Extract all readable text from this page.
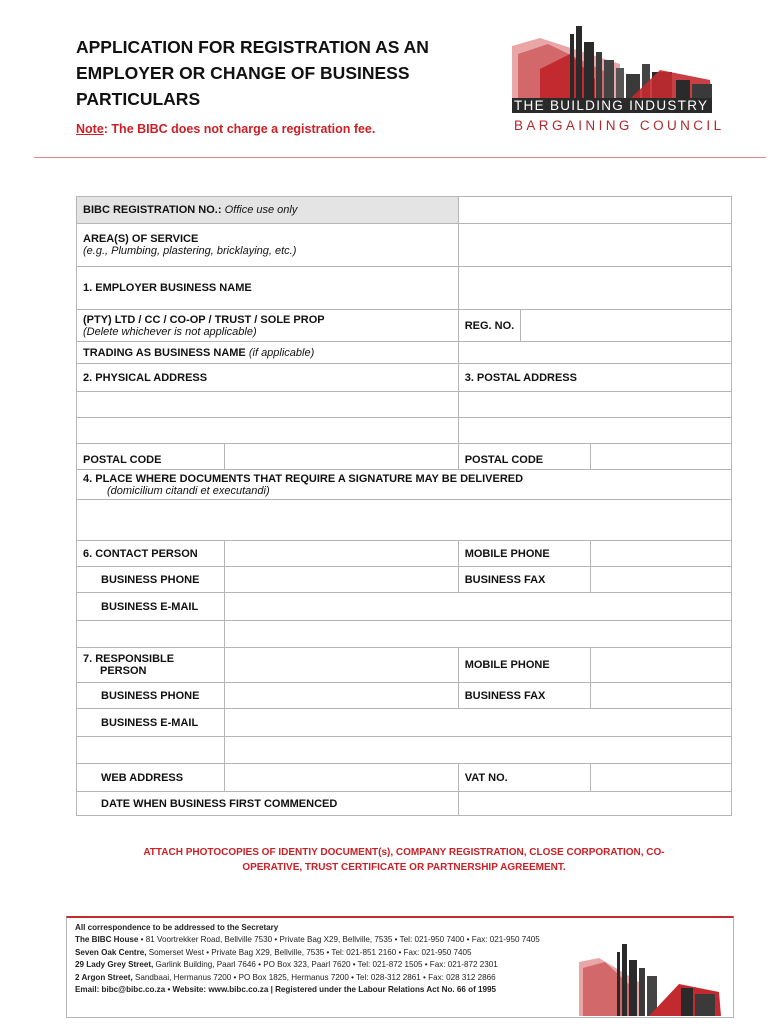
APPLICATION FOR REGISTRATION AS AN
EMPLOYER OR CHANGE OF BUSINESS
PARTICULARS
Note: The BIBC does not charge a registration fee.
THE BUILDING INDUSTRY
BARGAINING COUNCIL
BIBC REGISTRATION NO.: Office use only			

AREA(S) OF SERVICE
(e.g., Plumbing, plastering, bricklaying, etc.)			

1. EMPLOYER BUSINESS NAME			

(PTY) LTD / CC / CO-OP / TRUST / SOLE PROP
(Delete whichever is not applicable)		REG. NO.	
TRADING AS BUSINESS NAME (if applicable)			
2. PHYSICAL ADDRESS		3. POSTAL ADDRESS	

POSTAL CODE		POSTAL CODE	

4. PLACE WHERE DOCUMENTS THAT REQUIRE A SIGNATURE MAY BE DELIVERED
(domicilium citandi et executandi)			

6. CONTACT PERSON		MOBILE PHONE	

BUSINESS PHONE		BUSINESS FAX	

BUSINESS E-MAIL			

7. RESPONSIBLE
PERSON		MOBILE PHONE	

BUSINESS PHONE		BUSINESS FAX	

BUSINESS E-MAIL			

WEB ADDRESS		VAT NO.	

DATE WHEN BUSINESS FIRST COMMENCED			
ATTACH PHOTOCOPIES OF IDENTIY DOCUMENT(s), COMPANY REGISTRATION, CLOSE CORPORATION, CO-
OPERATIVE, TRUST CERTIFICATE OR PARTNERSHIP AGREEMENT.
All correspondence to be addressed to the Secretary
The BIBC House • 81 Voortrekker Road, Bellville 7530 • Private Bag X29, Bellville, 7535 • Tel: 021-950 7400 • Fax: 021-950 7405
Seven Oak Centre, Somerset West • Private Bag X29, Bellville, 7535 • Tel: 021-851 2160 • Fax: 021-950 7405
29 Lady Grey Street, Garlink Building, Paarl 7646 • PO Box 323, Paarl 7620 • Tel: 021-872 1505 • Fax: 021-872 2301
2 Argon Street, Sandbaai, Hermanus 7200 • PO Box 1825, Hermanus 7200 • Tel: 028-312 2861 • Fax: 028 312 2866
Email: bibc@bibc.co.za • Website: www.bibc.co.za | Registered under the Labour Relations Act No. 66 of 1995
